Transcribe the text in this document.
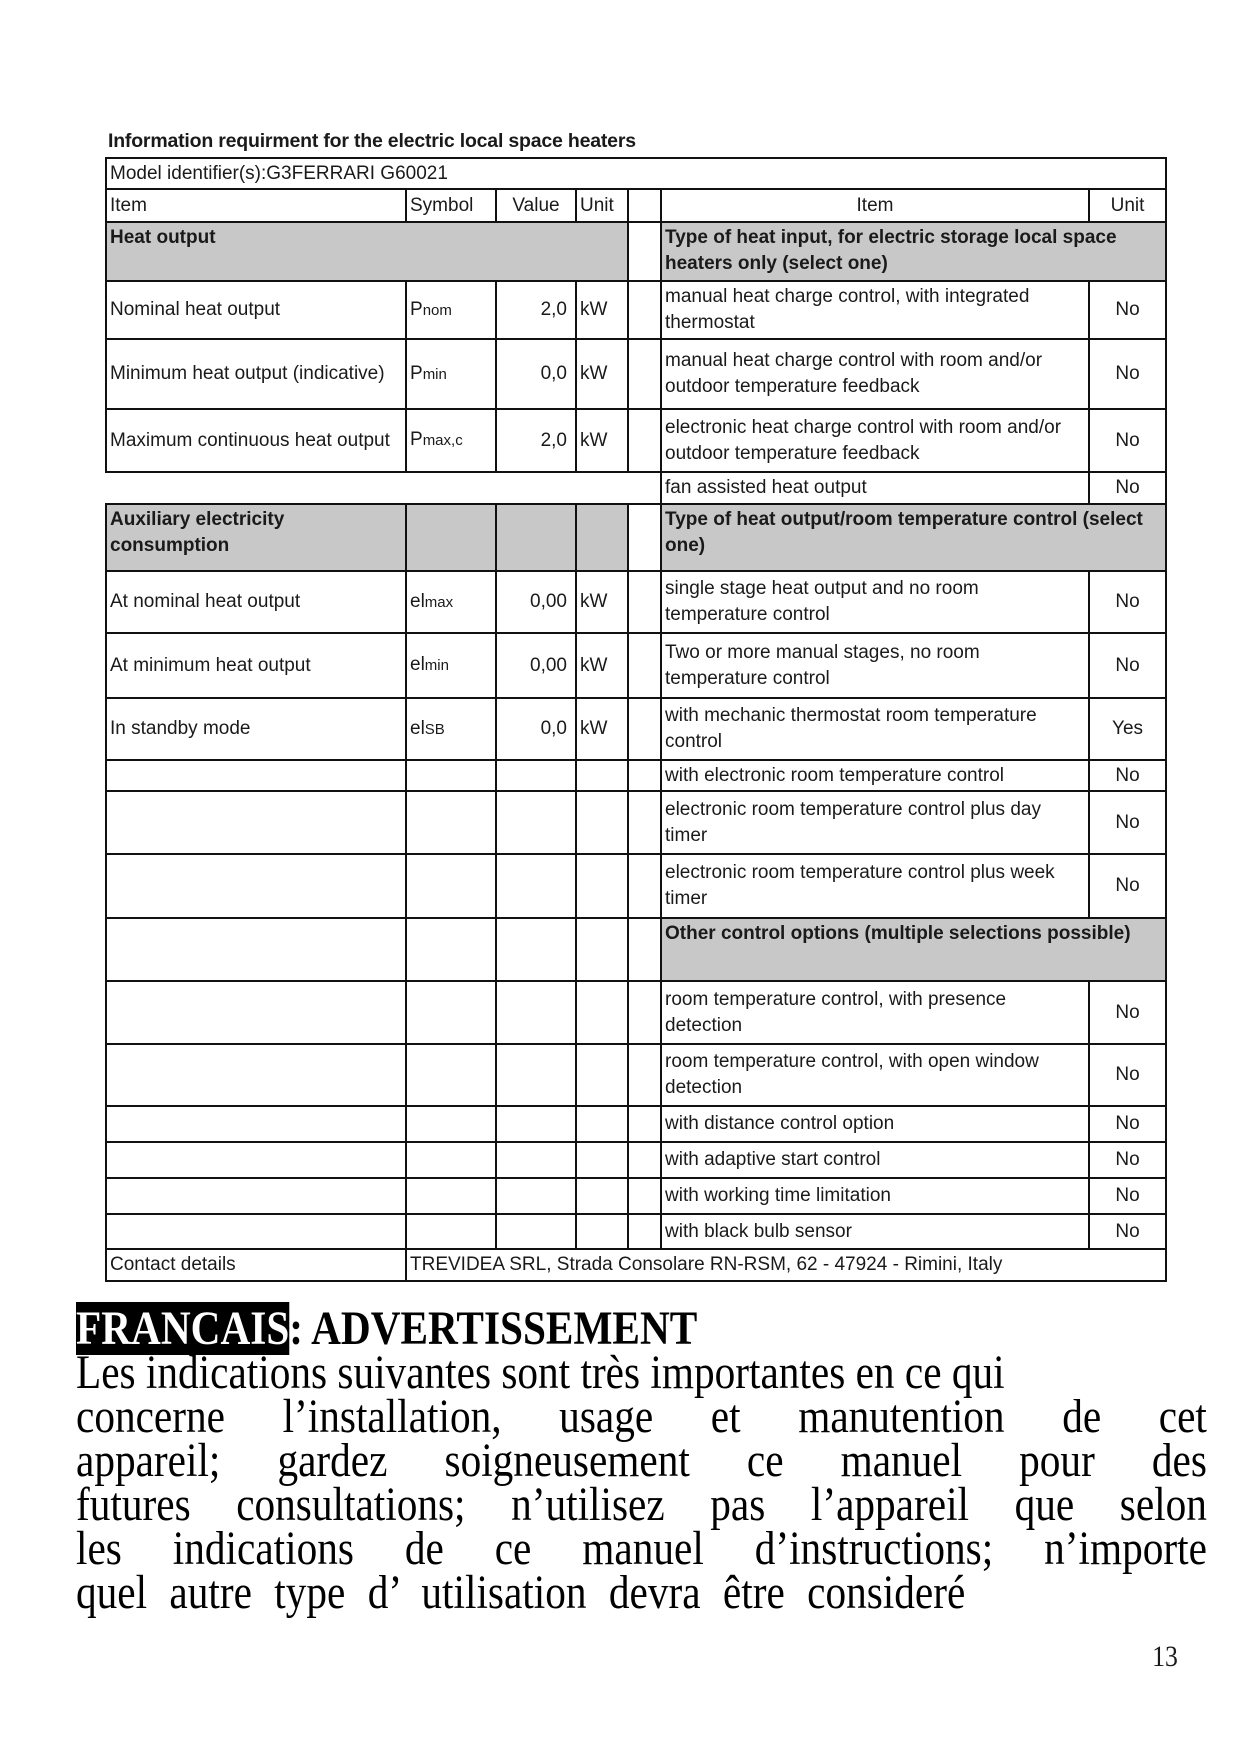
Information requirment for the electric local space heaters
Model identifier(s):G3FERRARI G60021						
Item	Symbol	Value	Unit		Item	Unit
Heat output					Type of heat input, for electric storage local space heaters only (select one)	
Nominal heat output	Pnom	2,0	kW		manual heat charge control, with integrated thermostat	No
Minimum heat output (indicative)	Pmin	0,0	kW		manual heat charge control with room and/or outdoor temperature feedback	No
Maximum continuous heat output	Pmax,c	2,0	kW		electronic heat charge control with room and/or outdoor temperature feedback	No
					fan assisted heat output	No
Auxiliary electricity consumption					Type of heat output/room temperature control (select one)	
At nominal heat output	elmax	0,00	kW		single stage heat output and no room temperature control	No
At minimum heat output	elmin	0,00	kW		Two or more manual stages, no room temperature control	No
In standby mode	elSB	0,0	kW		with mechanic thermostat room temperature control	Yes
					with electronic room temperature control	No
					electronic room temperature control plus day timer	No
					electronic room temperature control plus week timer	No
					Other control options (multiple selections possible)	
					room temperature control, with presence detection	No
					room temperature control, with open window detection	No
					with distance control option	No
					with adaptive start control	No
					with working time limitation	No
					with black bulb sensor	No
Contact details	TREVIDEA SRL, Strada Consolare RN-RSM, 62 - 47924 - Rimini, Italy					
FRANCAIS: ADVERTISSEMENT
Les indications suivantes sont très importantes en ce qui
concerne l’installation, usage et manutention de cet
appareil; gardez soigneusement ce manuel pour des
futures consultations; n’utilisez pas l’appareil que selon
les indications de ce manuel d’instructions; n’importe
quel autre type d’ utilisation devra être consideré
13
